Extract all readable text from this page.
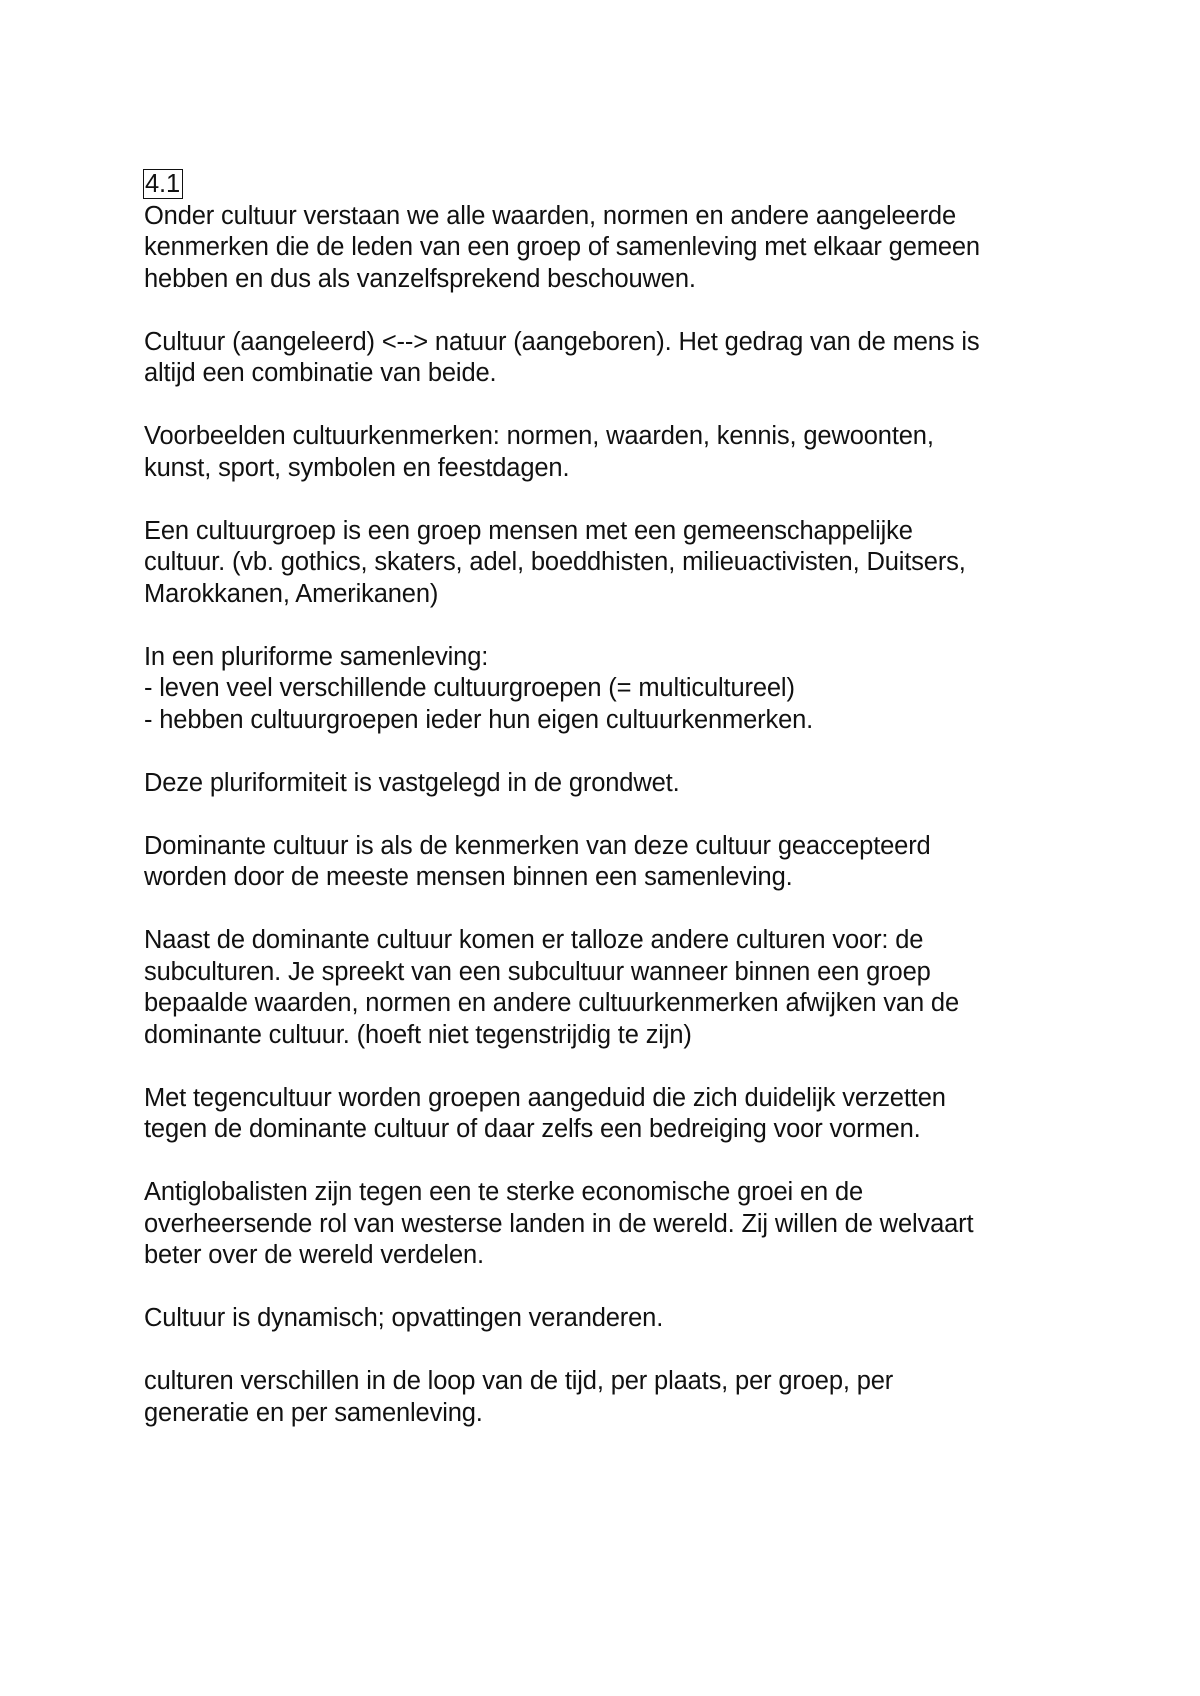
4.1
Onder cultuur verstaan we alle waarden, normen en andere aangeleerde
kenmerken die de leden van een groep of samenleving met elkaar gemeen
hebben en dus als vanzelfsprekend beschouwen.
Cultuur (aangeleerd) <--> natuur (aangeboren). Het gedrag van de mens is
altijd een combinatie van beide.
Voorbeelden cultuurkenmerken: normen, waarden, kennis, gewoonten,
kunst, sport, symbolen en feestdagen.
Een cultuurgroep is een groep mensen met een gemeenschappelijke
cultuur. (vb. gothics, skaters, adel, boeddhisten, milieuactivisten, Duitsers,
Marokkanen, Amerikanen)
In een pluriforme samenleving:
- leven veel verschillende cultuurgroepen (= multicultureel)
- hebben cultuurgroepen ieder hun eigen cultuurkenmerken.
Deze pluriformiteit is vastgelegd in de grondwet.
Dominante cultuur is als de kenmerken van deze cultuur geaccepteerd
worden door de meeste mensen binnen een samenleving.
Naast de dominante cultuur komen er talloze andere culturen voor: de
subculturen. Je spreekt van een subcultuur wanneer binnen een groep
bepaalde waarden, normen en andere cultuurkenmerken afwijken van de
dominante cultuur. (hoeft niet tegenstrijdig te zijn)
Met tegencultuur worden groepen aangeduid die zich duidelijk verzetten
tegen de dominante cultuur of daar zelfs een bedreiging voor vormen.
Antiglobalisten zijn tegen een te sterke economische groei en de
overheersende rol van westerse landen in de wereld. Zij willen de welvaart
beter over de wereld verdelen.
Cultuur is dynamisch; opvattingen veranderen.
culturen verschillen in de loop van de tijd, per plaats, per groep, per
generatie en per samenleving.
